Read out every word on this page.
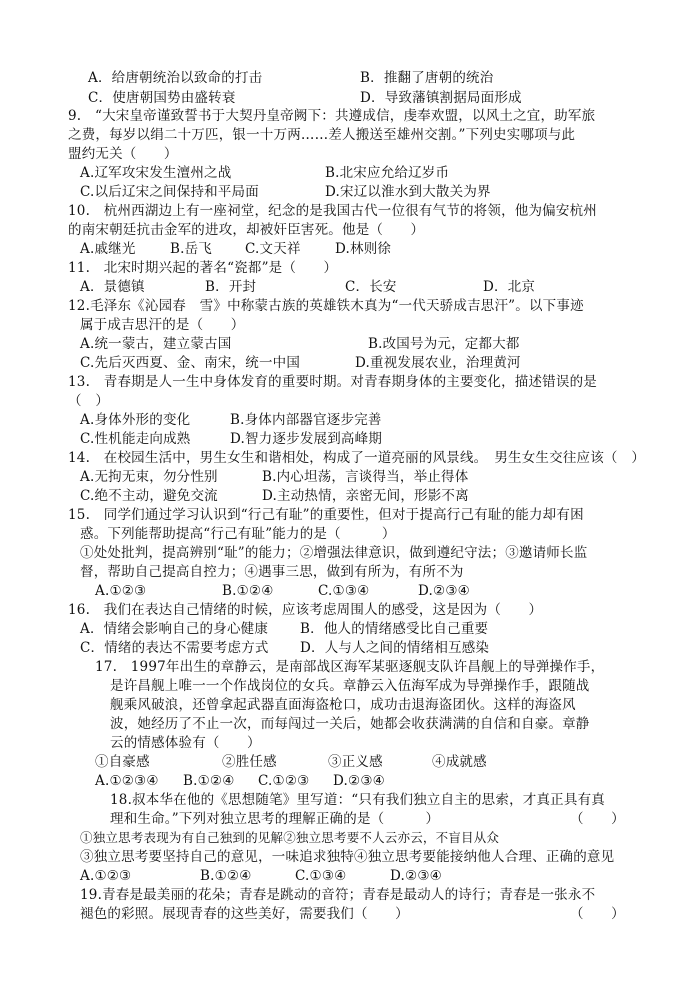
A．给唐朝统治以致命的打击	B．推翻了唐朝的统治
C．使唐朝国势由盛转衰	D．导致藩镇割据局面形成
9.　“大宋皇帝谨致誓书于大契丹皇帝阙下：共遵成信，虔奉欢盟，以风土之宜，助军旅
之费，每岁以绢二十万匹，银一十万两……差人搬送至雄州交割。”下列史实哪项与此
盟约无关（　　）
A.辽军攻宋发生澶州之战	B.北宋应允给辽岁币
C.以后辽宋之间保持和平局面	D.宋辽以淮水到大散关为界
10.　杭州西湖边上有一座祠堂，纪念的是我国古代一位很有气节的将领，他为偏安杭州
的南宋朝廷抗击金军的进攻，却被奸臣害死。他是（　　）
A.戚继光	B.岳飞 C.文天祥	D.林则徐
11.　北宋时期兴起的著名“瓷都”是（　　）
A．景德镇	B．开封	C．长安	D．北京
12.毛泽东《沁园春　雪》中称蒙古族的英雄铁木真为“一代天骄成吉思汗”。以下事迹
属于成吉思汗的是（　　）
A.统一蒙古，建立蒙古国	B.改国号为元，定都大都
C.先后灭西夏、金、南宋，统一中国	D.重视发展农业，治理黄河
13.　青春期是人一生中身体发育的重要时期。对青春期身体的主要变化，描述错误的是
（　）
A.身体外形的变化	B.身体内部器官逐步完善
C.性机能走向成熟	D.智力逐步发展到高峰期
14.　在校园生活中，男生女生和谐相处，构成了一道亮丽的风景线。　男生女生交往应该（　）
A.无拘无束，勿分性别	B.内心坦荡，言谈得当，举止得体
C.绝不主动，避免交流	D.主动热情，亲密无间，形影不离
15.　同学们通过学习认识到“行己有耻”的重要性，但对于提高行己有耻的能力却有困
惑。下列能帮助提高“行己有耻”能力的是（　　　）
①处处批判，提高辨别“耻”的能力；②增强法律意识，做到遵纪守法；③邀请师长监
督，帮助自己提高自控力；④遇事三思，做到有所为，有所不为
A.①②③	B.①②④	C.①③④	D.②③④
16.　我们在表达自己情绪的时候，应该考虑周围人的感受，这是因为（　　）
A．情绪会影响自己的身心健康 B．他人的情绪感受比自己重要
C．情绪的表达不需要考虑方式 D．人与人之间的情绪相互感染
17.　1997年出生的章静云，是南部战区海军某驱逐舰支队许昌舰上的导弹操作手，
是许昌舰上唯一一个作战岗位的女兵。章静云入伍海军成为导弹操作手，跟随战
舰乘风破浪，还曾拿起武器直面海盗枪口，成功击退海盗团伙。这样的海盗风
波，她经历了不止一次，而每闯过一关后，她都会收获满满的自信和自豪。章静
云的情感体验有（　　）
①自豪感	②胜任感	③正义感	④成就感
A.①②③④ B.①②④ C.①②③ D.②③④
18.叔本华在他的《思想随笔》里写道：“只有我们独立自主的思索，才真正具有真
理和生命。”下列对独立思考的理解正确的是（　　　）	（　　）
①独立思考表现为有自己独到的见解②独立思考要不人云亦云，不盲目从众
③独立思考要坚持自己的意见，一味追求独特④独立思考要能接纳他人合理、正确的意见
A.①②③	B.①②④	C.①③④	D.②③④
19.青春是最美丽的花朵；青春是跳动的音符；青春是最动人的诗行；青春是一张永不
褪色的彩照。展现青春的这些美好，需要我们（　　）	（　　）
